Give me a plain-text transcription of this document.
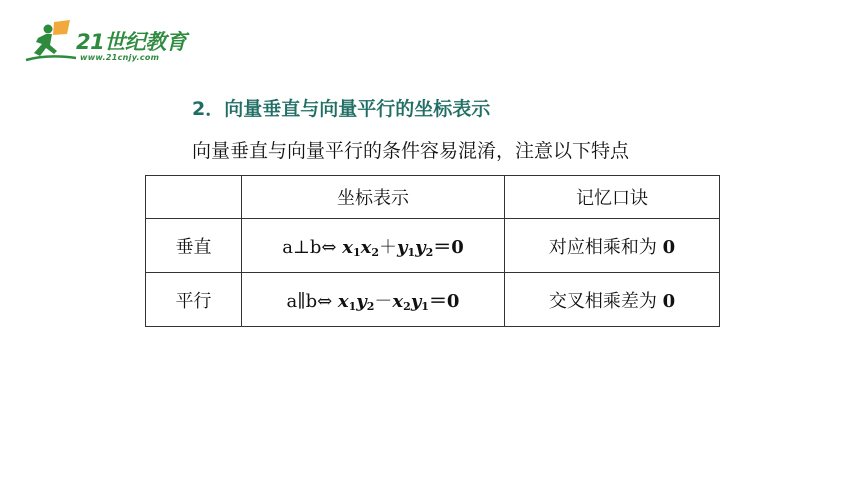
21世纪教育
www.21cnjy.com
2．向量垂直与向量平行的坐标表示
向量垂直与向量平行的条件容易混淆，注意以下特点
	坐标表示	记忆口诀
垂直	a⊥b⇔ $x_1x_2+y_1y_2=0$	对应相乘和为 0
平行	a∥b⇔ $x_1y_2-x_2y_1=0$	交叉相乘差为 0
